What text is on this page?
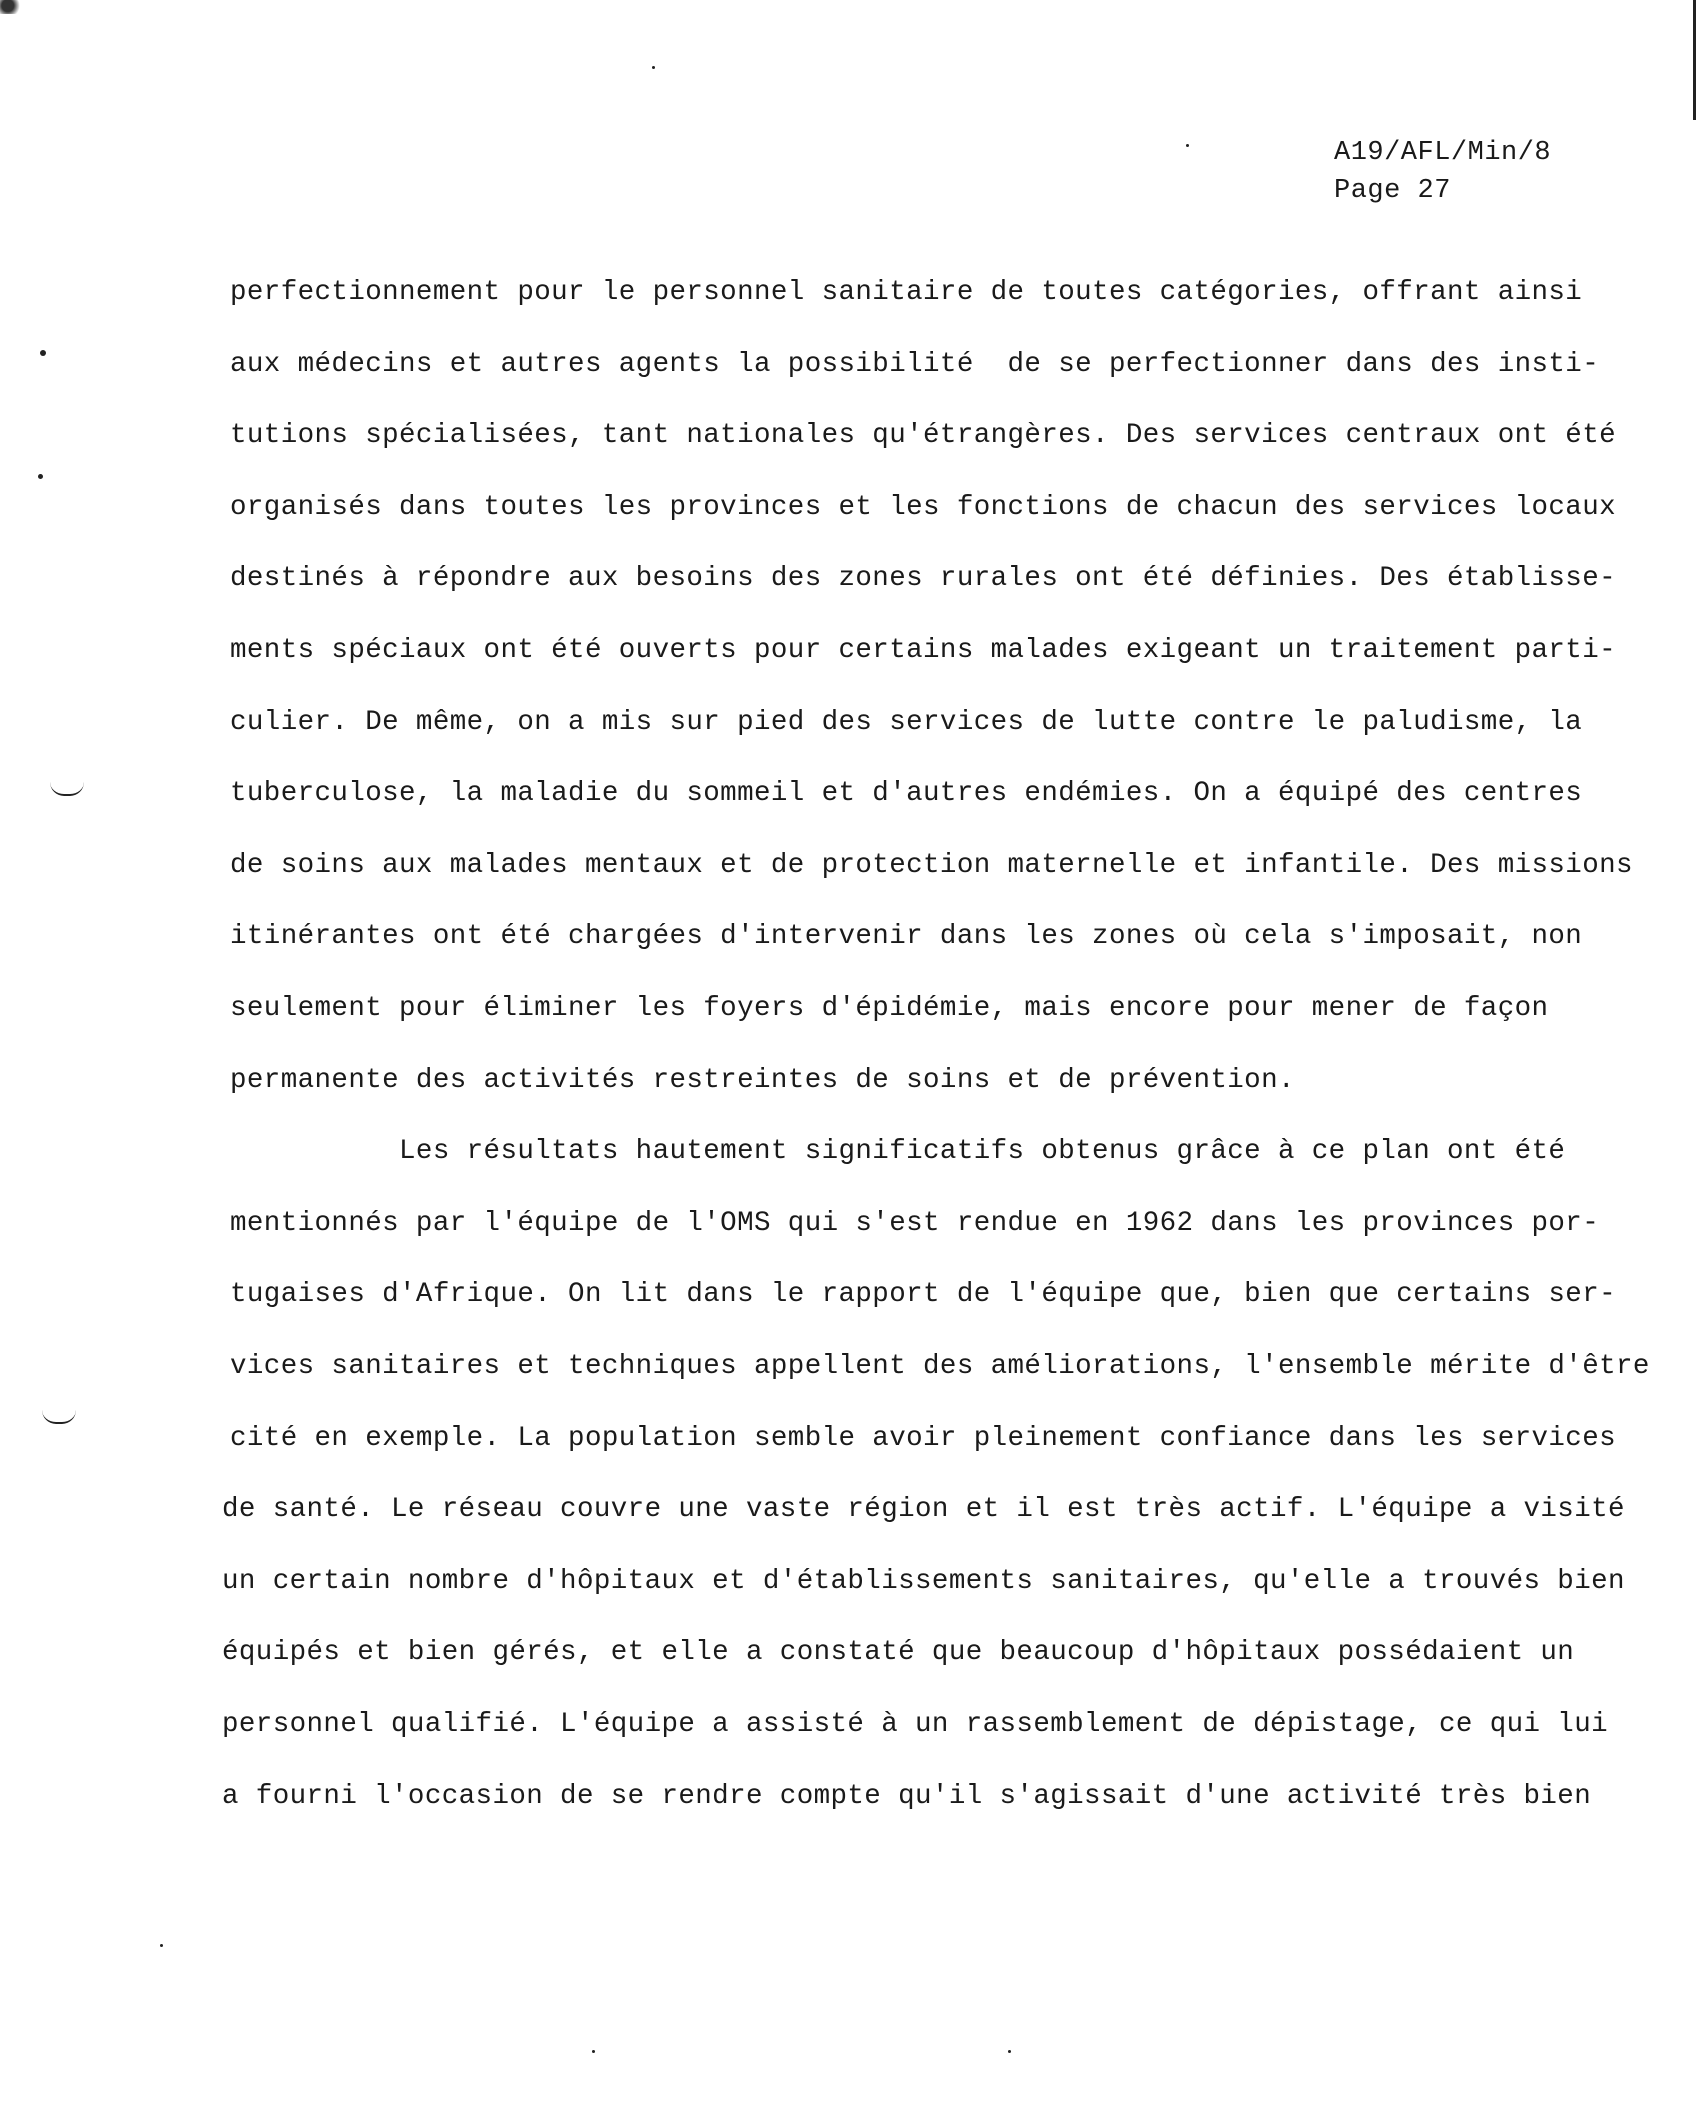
A19/AFL/Min/8
Page 27
perfectionnement pour le personnel sanitaire de toutes catégories, offrant ainsi
aux médecins et autres agents la possibilité  de se perfectionner dans des insti-
tutions spécialisées, tant nationales qu'étrangères. Des services centraux ont été
organisés dans toutes les provinces et les fonctions de chacun des services locaux
destinés à répondre aux besoins des zones rurales ont été définies. Des établisse-
ments spéciaux ont été ouverts pour certains malades exigeant un traitement parti-
culier. De même, on a mis sur pied des services de lutte contre le paludisme, la
tuberculose, la maladie du sommeil et d'autres endémies. On a équipé des centres
de soins aux malades mentaux et de protection maternelle et infantile. Des missions
itinérantes ont été chargées d'intervenir dans les zones où cela s'imposait, non
seulement pour éliminer les foyers d'épidémie, mais encore pour mener de façon
permanente des activités restreintes de soins et de prévention.
Les résultats hautement significatifs obtenus grâce à ce plan ont été
mentionnés par l'équipe de l'OMS qui s'est rendue en 1962 dans les provinces por-
tugaises d'Afrique. On lit dans le rapport de l'équipe que, bien que certains ser-
vices sanitaires et techniques appellent des améliorations, l'ensemble mérite d'être
cité en exemple. La population semble avoir pleinement confiance dans les services
de santé. Le réseau couvre une vaste région et il est très actif. L'équipe a visité
un certain nombre d'hôpitaux et d'établissements sanitaires, qu'elle a trouvés bien
équipés et bien gérés, et elle a constaté que beaucoup d'hôpitaux possédaient un
personnel qualifié. L'équipe a assisté à un rassemblement de dépistage, ce qui lui
a fourni l'occasion de se rendre compte qu'il s'agissait d'une activité très bien
